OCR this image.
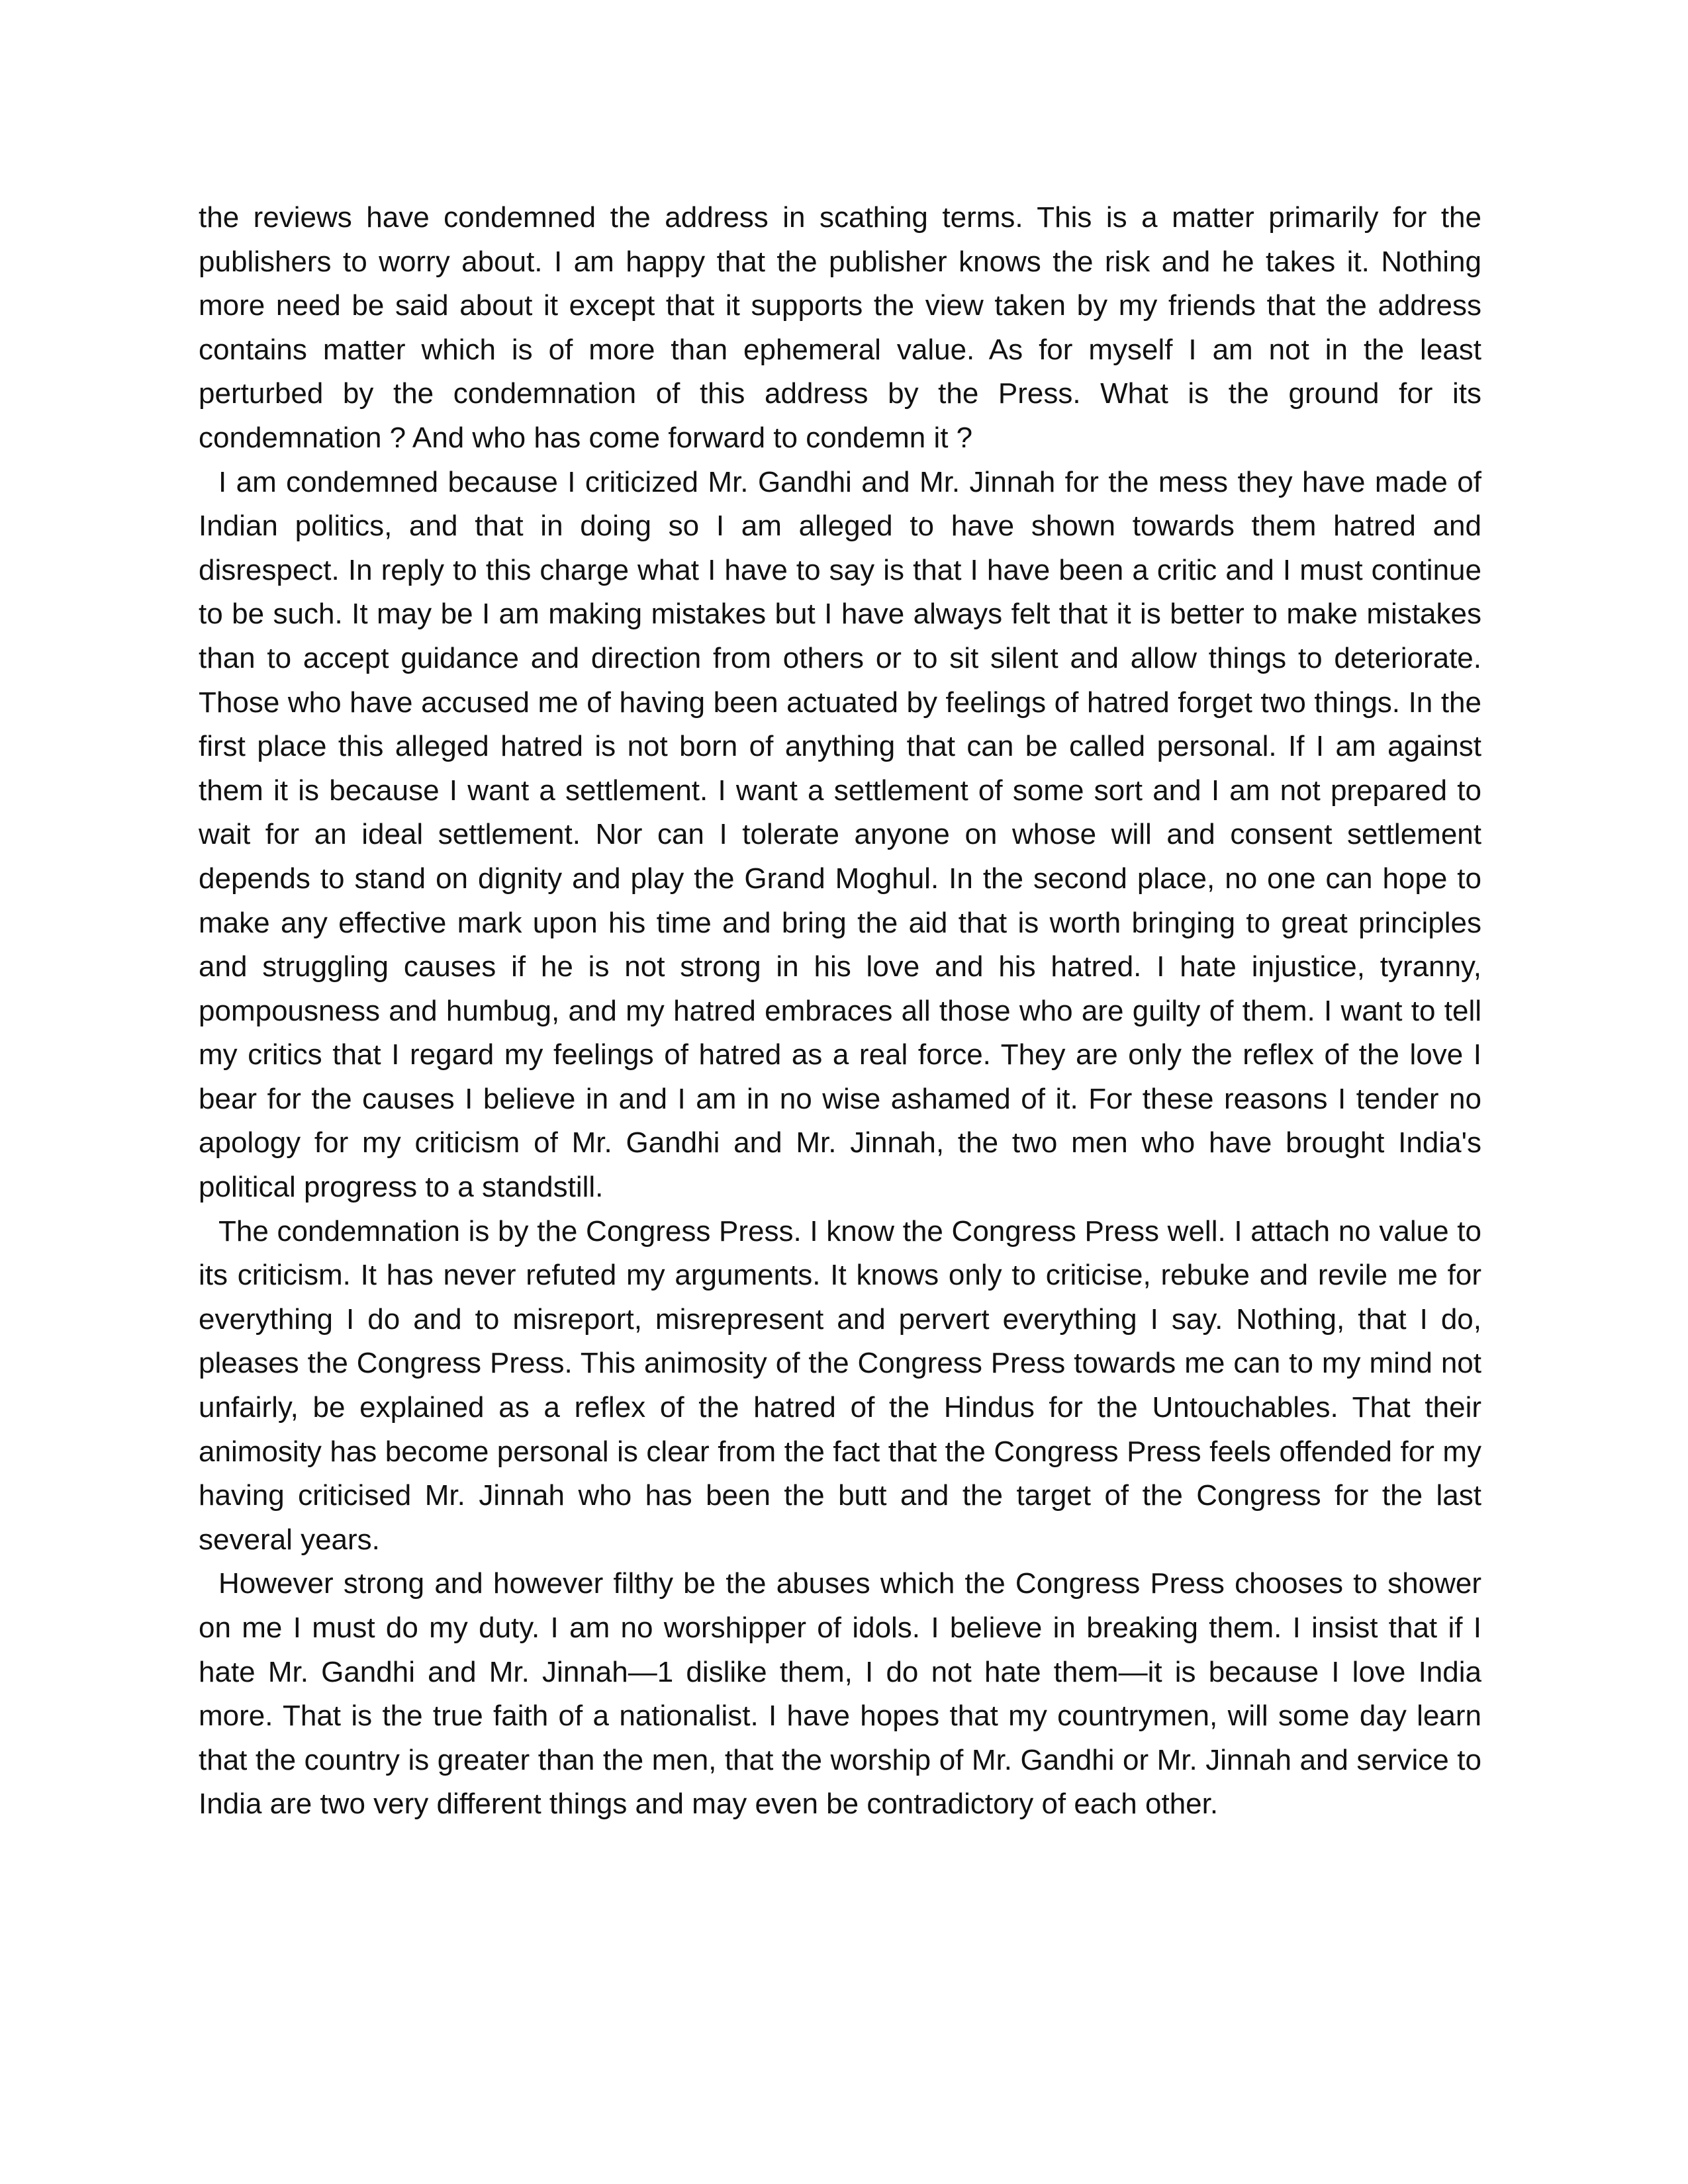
the reviews have condemned the address in scathing terms. This is a matter primarily for the publishers to worry about. I am happy that the publisher knows the risk and he takes it. Nothing more need be said about it except that it supports the view taken by my friends that the address contains matter which is of more than ephemeral value. As for myself I am not in the least perturbed by the condemnation of this address by the Press. What is the ground for its condemnation ? And who has come forward to condemn it ?

I am condemned because I criticized Mr. Gandhi and Mr. Jinnah for the mess they have made of Indian politics, and that in doing so I am alleged to have shown towards them hatred and disrespect. In reply to this charge what I have to say is that I have been a critic and I must continue to be such. It may be I am making mistakes but I have always felt that it is better to make mistakes than to accept guidance and direction from others or to sit silent and allow things to deteriorate. Those who have accused me of having been actuated by feelings of hatred forget two things. In the first place this alleged hatred is not born of anything that can be called personal. If I am against them it is because I want a settlement. I want a settlement of some sort and I am not prepared to wait for an ideal settlement. Nor can I tolerate anyone on whose will and consent settlement depends to stand on dignity and play the Grand Moghul. In the second place, no one can hope to make any effective mark upon his time and bring the aid that is worth bringing to great principles and struggling causes if he is not strong in his love and his hatred. I hate injustice, tyranny, pompousness and humbug, and my hatred embraces all those who are guilty of them. I want to tell my critics that I regard my feelings of hatred as a real force. They are only the reflex of the love I bear for the causes I believe in and I am in no wise ashamed of it. For these reasons I tender no apology for my criticism of Mr. Gandhi and Mr. Jinnah, the two men who have brought India's political progress to a standstill.

The condemnation is by the Congress Press. I know the Congress Press well. I attach no value to its criticism. It has never refuted my arguments. It knows only to criticise, rebuke and revile me for everything I do and to misreport, misrepresent and pervert everything I say. Nothing, that I do, pleases the Congress Press. This animosity of the Congress Press towards me can to my mind not unfairly, be explained as a reflex of the hatred of the Hindus for the Untouchables. That their animosity has become personal is clear from the fact that the Congress Press feels offended for my having criticised Mr. Jinnah who has been the butt and the target of the Congress for the last several years.

However strong and however filthy be the abuses which the Congress Press chooses to shower on me I must do my duty. I am no worshipper of idols. I believe in breaking them. I insist that if I hate Mr. Gandhi and Mr. Jinnah—1 dislike them, I do not hate them—it is because I love India more. That is the true faith of a nationalist. I have hopes that my countrymen, will some day learn that the country is greater than the men, that the worship of Mr. Gandhi or Mr. Jinnah and service to India are two very different things and may even be contradictory of each other.
